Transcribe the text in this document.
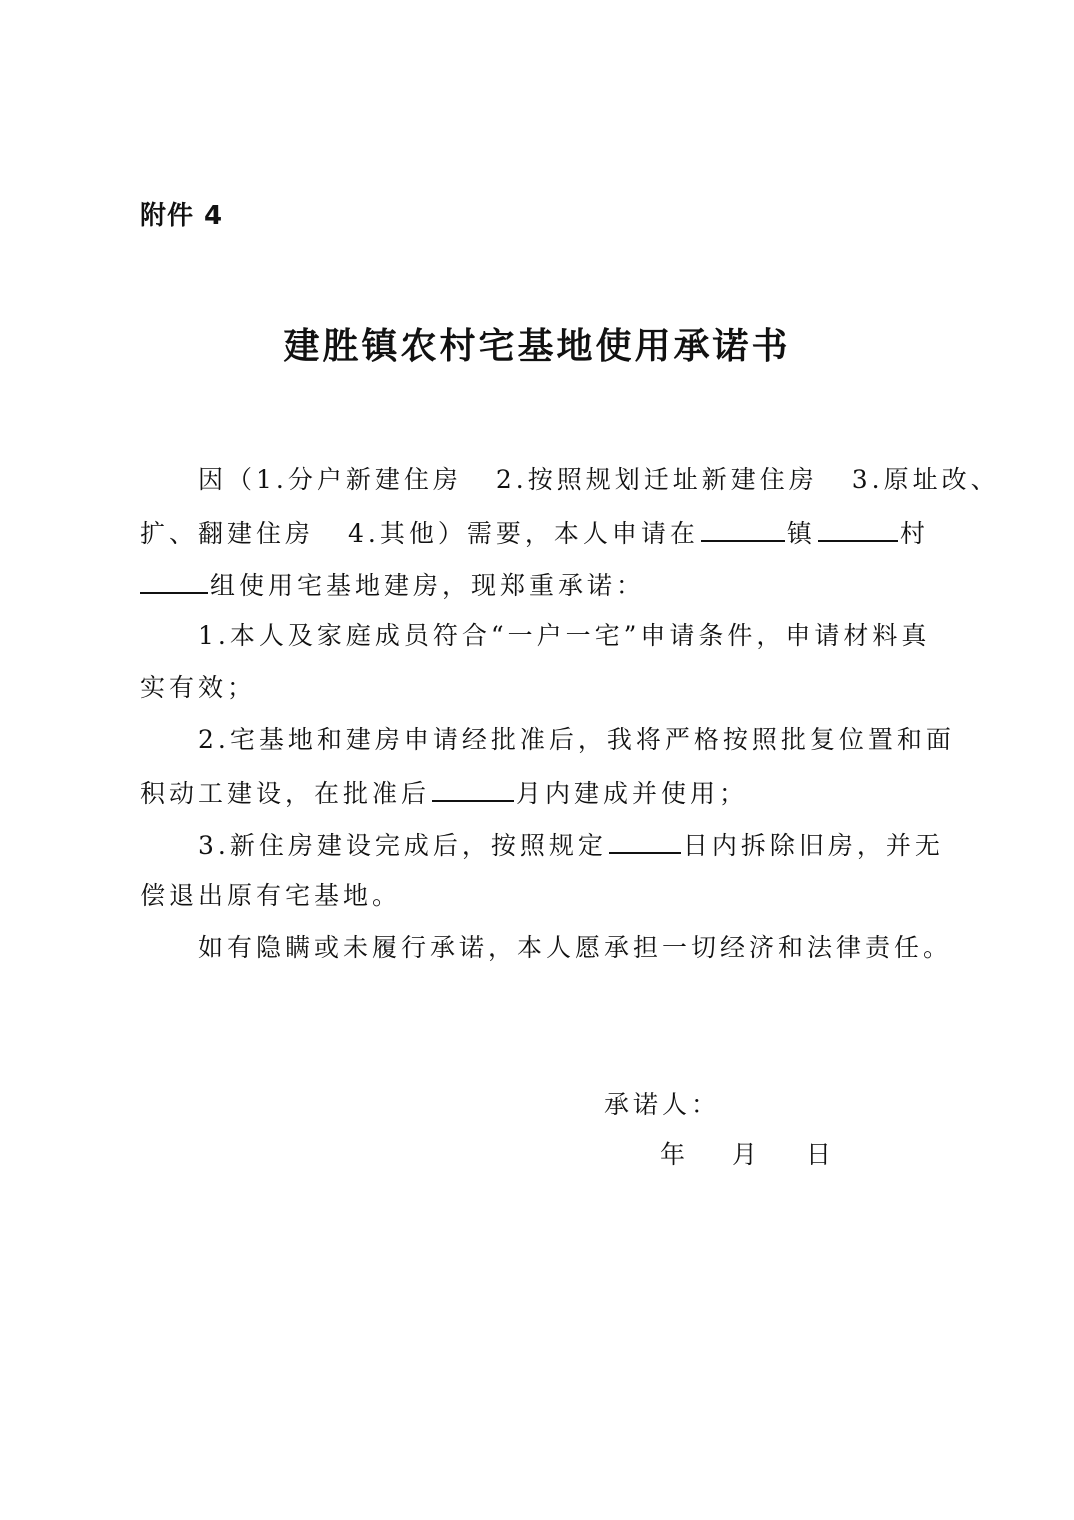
附件 4
建胜镇农村宅基地使用承诺书
因（1.分户新建住房 2.按照规划迁址新建住房 3.原址改、
扩、翻建住房 4.其他）需要，本人申请在	镇	村
组使用宅基地建房，现郑重承诺：
1.本人及家庭成员符合“一户一宅”申请条件，申请材料真
实有效；
2.宅基地和建房申请经批准后，我将严格按照批复位置和面
积动工建设，在批准后	月内建成并使用；
3.新住房建设完成后，按照规定	日内拆除旧房，并无
偿退出原有宅基地。
如有隐瞒或未履行承诺，本人愿承担一切经济和法律责任。
承诺人：
年 月 日
